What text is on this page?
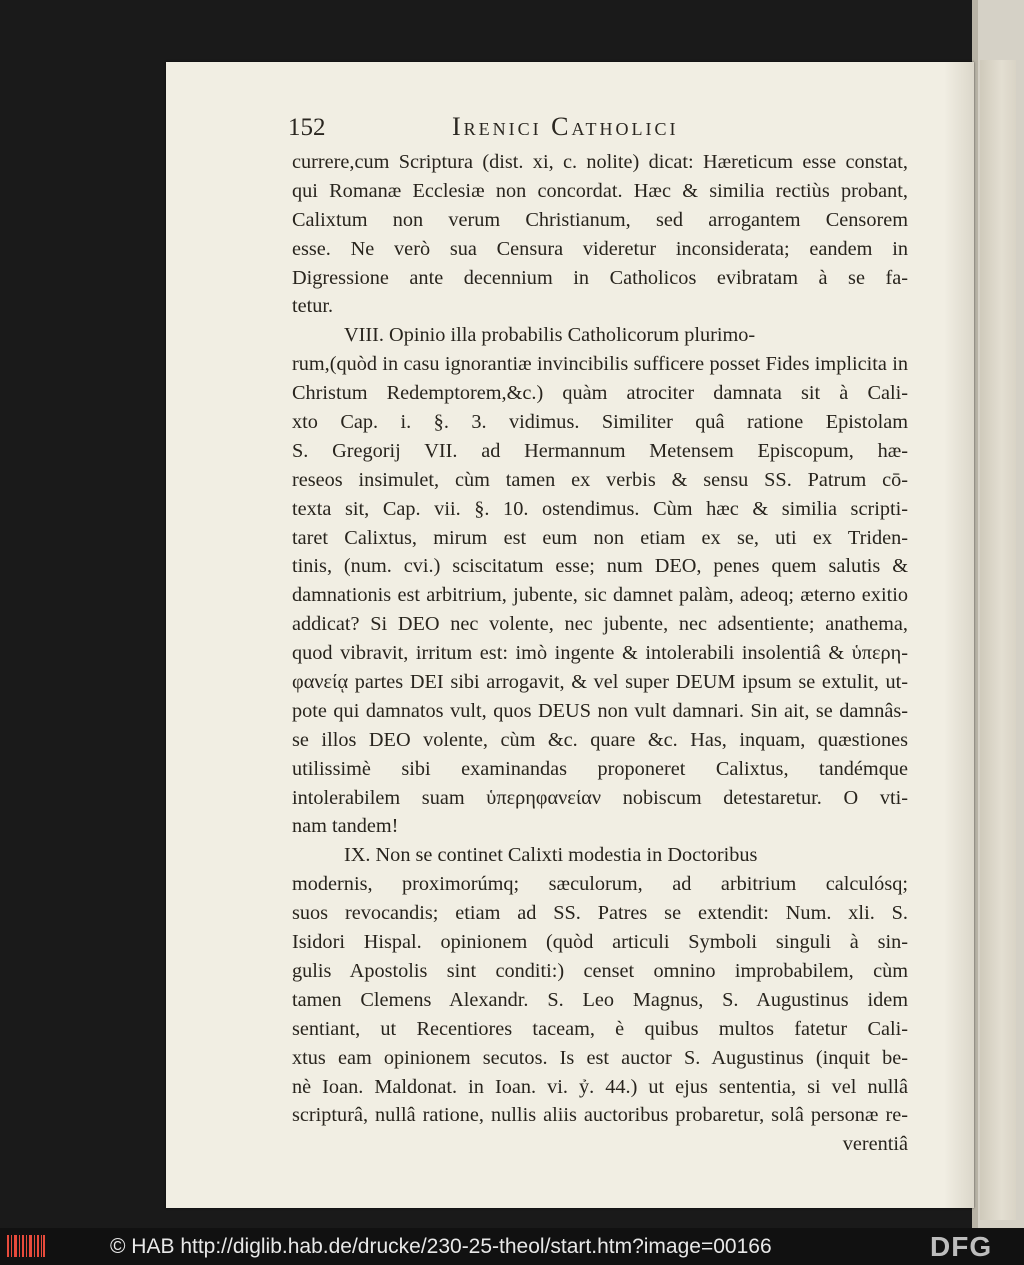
152	Irenici Catholici
currere,cum Scriptura (dist. xi, c. nolite) dicat: Hæreticum esse constat,
qui Romanæ Ecclesiæ non concordat. Hæc & similia rectiùs probant,
Calixtum non verum Christianum, sed arrogantem Censorem
esse. Ne verò sua Censura videretur inconsiderata; eandem in
Digressione ante decennium in Catholicos evibratam à se fa-
tetur.
VIII. Opinio illa probabilis Catholicorum plurimo-
rum,(quòd in casu ignorantiæ invincibilis sufficere posset Fides implicita in
Christum Redemptorem,&c.) quàm atrociter damnata sit à Cali-
xto Cap. i. §. 3. vidimus. Similiter quâ ratione Epistolam
S. Gregorij VII. ad Hermannum Metensem Episcopum, hæ-
reseos insimulet, cùm tamen ex verbis & sensu SS. Patrum cō-
texta sit, Cap. vii. §. 10. ostendimus. Cùm hæc & similia scripti-
taret Calixtus, mirum est eum non etiam ex se, uti ex Triden-
tinis, (num. cvi.) sciscitatum esse; num DEO, penes quem salutis &
damnationis est arbitrium, jubente, sic damnet palàm, adeoq; æterno exitio
addicat? Si DEO nec volente, nec jubente, nec adsentiente; anathema,
quod vibravit, irritum est: imò ingente & intolerabili insolentiâ & ὑπερη-
φανείᾳ partes DEI sibi arrogavit, & vel super DEUM ipsum se extulit, ut-
pote qui damnatos vult, quos DEUS non vult damnari. Sin ait, se damnâs-
se illos DEO volente, cùm &c. quare &c. Has, inquam, quæstiones
utilissimè sibi examinandas proponeret Calixtus, tandémque
intolerabilem suam ὑπερηφανείαν nobiscum detestaretur. O vti-
nam tandem!
IX. Non se continet Calixti modestia in Doctoribus
modernis, proximorúmq; sæculorum, ad arbitrium calculósq;
suos revocandis; etiam ad SS. Patres se extendit: Num. xli. S.
Isidori Hispal. opinionem (quòd articuli Symboli singuli à sin-
gulis Apostolis sint conditi:) censet omnino improbabilem, cùm
tamen Clemens Alexandr. S. Leo Magnus, S. Augustinus idem
sentiant, ut Recentiores taceam, è quibus multos fatetur Cali-
xtus eam opinionem secutos. Is est auctor S. Augustinus (inquit be-
nè Ioan. Maldonat. in Ioan. vi. ỷ. 44.) ut ejus sententia, si vel nullâ
scripturâ, nullâ ratione, nullis aliis auctoribus probaretur, solâ personæ re-
verentiâ
© HAB http://diglib.hab.de/drucke/230-25-theol/start.htm?image=00166	DFG
